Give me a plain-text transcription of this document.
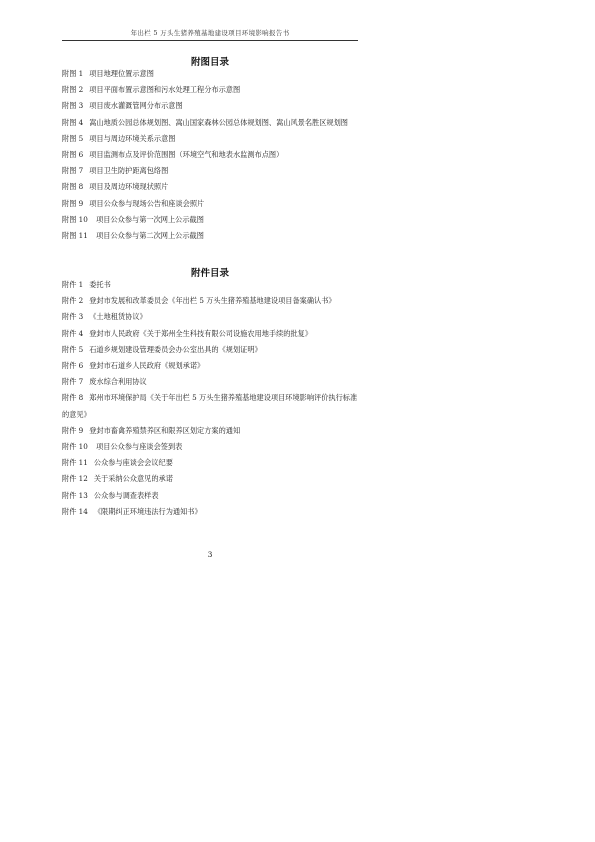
年出栏 5 万头生猪养殖基地建设项目环境影响报告书
附图目录
附图 1 项目地理位置示意图
附图 2 项目平面布置示意图和污水处理工程分布示意图
附图 3 项目废水灌溉管网分布示意图
附图 4 嵩山地质公园总体规划图、嵩山国家森林公园总体规划图、嵩山风景名胜区规划图
附图 5 项目与周边环境关系示意图
附图 6 项目监测布点及评价范围图（环境空气和地表水监测布点图）
附图 7 项目卫生防护距离包络图
附图 8 项目及周边环境现状照片
附图 9 项目公众参与现场公告和座谈会照片
附图 10 项目公众参与第一次网上公示截图
附图 11 项目公众参与第二次网上公示截图
附件目录
附件 1 委托书
附件 2 登封市发展和改革委员会《年出栏 5 万头生猪养殖基地建设项目备案确认书》
附件 3 《土地租赁协议》
附件 4 登封市人民政府《关于郑州全生科技有限公司设施农用地手续的批复》
附件 5 石道乡规划建设管理委员会办公室出具的《规划证明》
附件 6 登封市石道乡人民政府《规划承诺》
附件 7 废水综合利用协议
附件 8 郑州市环境保护局《关于年出栏 5 万头生猪养殖基地建设项目环境影响评价执行标准的意见》
附件 9 登封市畜禽养殖禁养区和限养区划定方案的通知
附件 10 项目公众参与座谈会签到表
附件 11 公众参与座谈会会议纪要
附件 12 关于采纳公众意见的承诺
附件 13 公众参与调查表样表
附件 14 《限期纠正环境违法行为通知书》
3
